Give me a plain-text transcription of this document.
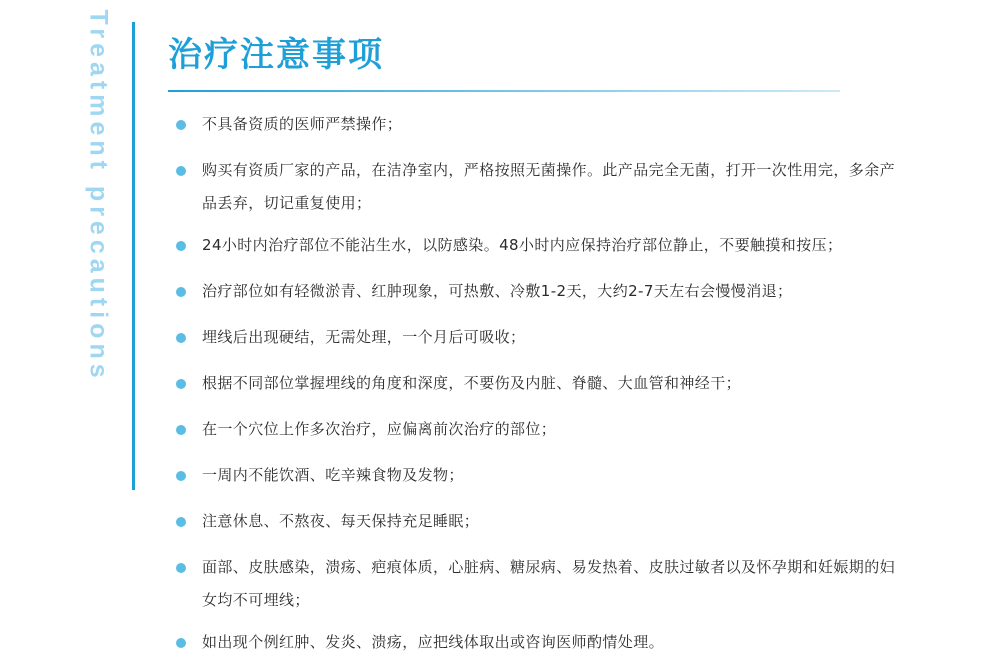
Treatment precautions 治疗注意事项
不具备资质的医师严禁操作；
购买有资质厂家的产品，在洁净室内，严格按照无菌操作。此产品完全无菌，打开一次性用完，多余产品丢弃，切记重复使用；
24小时内治疗部位不能沾生水，以防感染。48小时内应保持治疗部位静止，不要触摸和按压；
治疗部位如有轻微淤青、红肿现象，可热敷、冷敷1-2天，大约2-7天左右会慢慢消退；
埋线后出现硬结，无需处理，一个月后可吸收；
根据不同部位掌握埋线的角度和深度，不要伤及内脏、脊髓、大血管和神经干；
在一个穴位上作多次治疗，应偏离前次治疗的部位；
一周内不能饮酒、吃辛辣食物及发物；
注意休息、不熬夜、每天保持充足睡眠；
面部、皮肤感染，溃疡、疤痕体质，心脏病、糖尿病、易发热着、皮肤过敏者以及怀孕期和妊娠期的妇女均不可埋线；
如出现个例红肿、发炎、溃疡，应把线体取出或咨询医师酌情处理。
